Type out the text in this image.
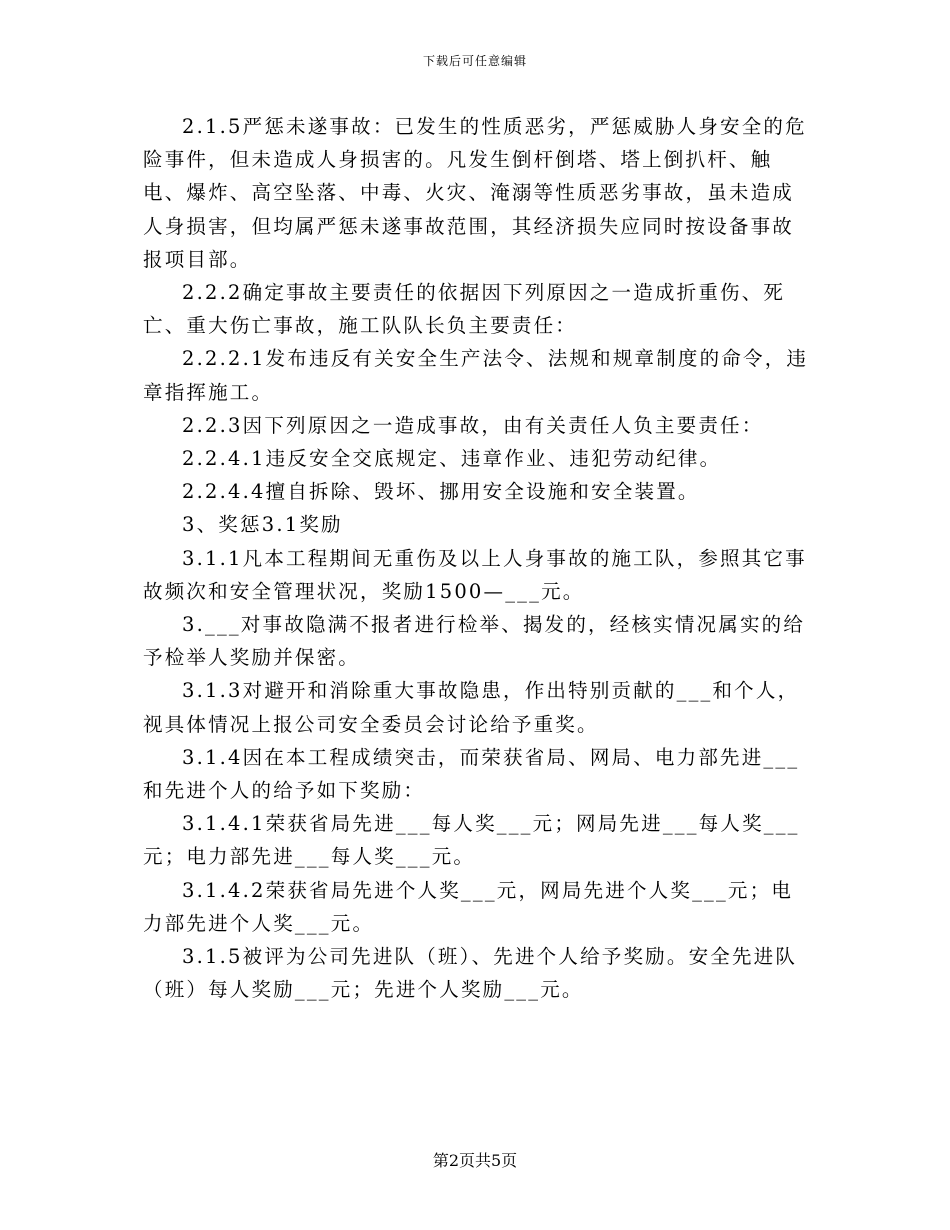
下载后可任意编辑

2.1.5严惩未遂事故：已发生的性质恶劣，严惩威胁人身安全的危险事件，但未造成人身损害的。凡发生倒杆倒塔、塔上倒扒杆、触电、爆炸、高空坠落、中毒、火灾、淹溺等性质恶劣事故，虽未造成人身损害，但均属严惩未遂事故范围，其经济损失应同时按设备事故报项目部。

2.2.2确定事故主要责任的依据因下列原因之一造成折重伤、死亡、重大伤亡事故，施工队队长负主要责任：

2.2.2.1发布违反有关安全生产法令、法规和规章制度的命令，违章指挥施工。

2.2.3因下列原因之一造成事故，由有关责任人负主要责任：

2.2.4.1违反安全交底规定、违章作业、违犯劳动纪律。

2.2.4.4擅自拆除、毁坏、挪用安全设施和安全装置。

3、奖惩3.1奖励

3.1.1凡本工程期间无重伤及以上人身事故的施工队，参照其它事故频次和安全管理状况，奖励1500—___元。

3.___对事故隐满不报者进行检举、揭发的，经核实情况属实的给予检举人奖励并保密。

3.1.3对避开和消除重大事故隐患，作出特别贡献的___和个人，视具体情况上报公司安全委员会讨论给予重奖。

3.1.4因在本工程成绩突击，而荣获省局、网局、电力部先进___和先进个人的给予如下奖励：

3.1.4.1荣获省局先进___每人奖___元；网局先进___每人奖___元；电力部先进___每人奖___元。

3.1.4.2荣获省局先进个人奖___元，网局先进个人奖___元；电力部先进个人奖___元。

3.1.5被评为公司先进队（班）、先进个人给予奖励。安全先进队（班）每人奖励___元；先进个人奖励___元。

第2页共5页
